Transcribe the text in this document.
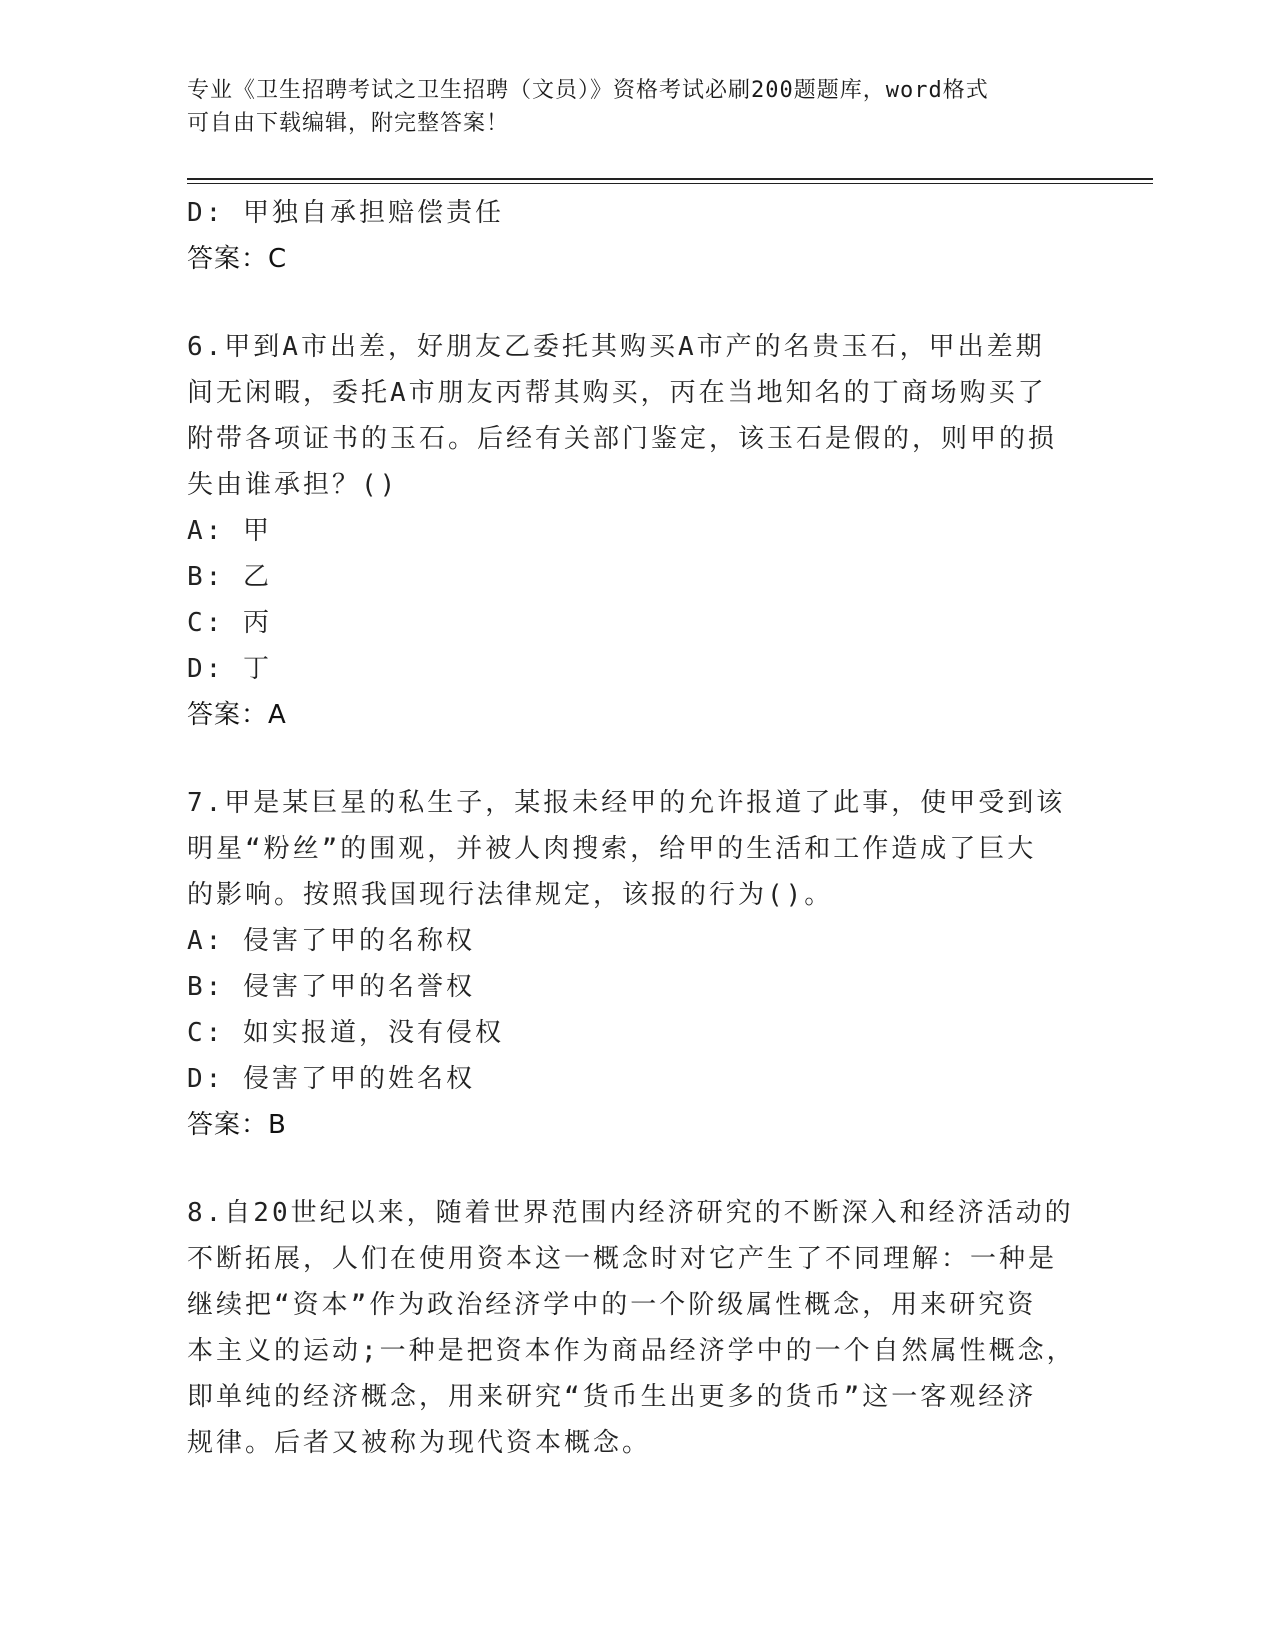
专业《卫生招聘考试之卫生招聘（文员）》资格考试必刷200题题库，word格式
可自由下载编辑，附完整答案！
D: 甲独自承担赔偿责任
答案：C
6.甲到A市出差，好朋友乙委托其购买A市产的名贵玉石，甲出差期
间无闲暇，委托A市朋友丙帮其购买，丙在当地知名的丁商场购买了
附带各项证书的玉石。后经有关部门鉴定，该玉石是假的，则甲的损
失由谁承担？()
A: 甲
B: 乙
C: 丙
D: 丁
答案：A
7.甲是某巨星的私生子，某报未经甲的允许报道了此事，使甲受到该
明星“粉丝”的围观，并被人肉搜索，给甲的生活和工作造成了巨大
的影响。按照我国现行法律规定，该报的行为()。
A: 侵害了甲的名称权
B: 侵害了甲的名誉权
C: 如实报道，没有侵权
D: 侵害了甲的姓名权
答案：B
8.自20世纪以来，随着世界范围内经济研究的不断深入和经济活动的
不断拓展，人们在使用资本这一概念时对它产生了不同理解：一种是
继续把“资本”作为政治经济学中的一个阶级属性概念，用来研究资
本主义的运动;一种是把资本作为商品经济学中的一个自然属性概念，
即单纯的经济概念，用来研究“货币生出更多的货币”这一客观经济
规律。后者又被称为现代资本概念。
